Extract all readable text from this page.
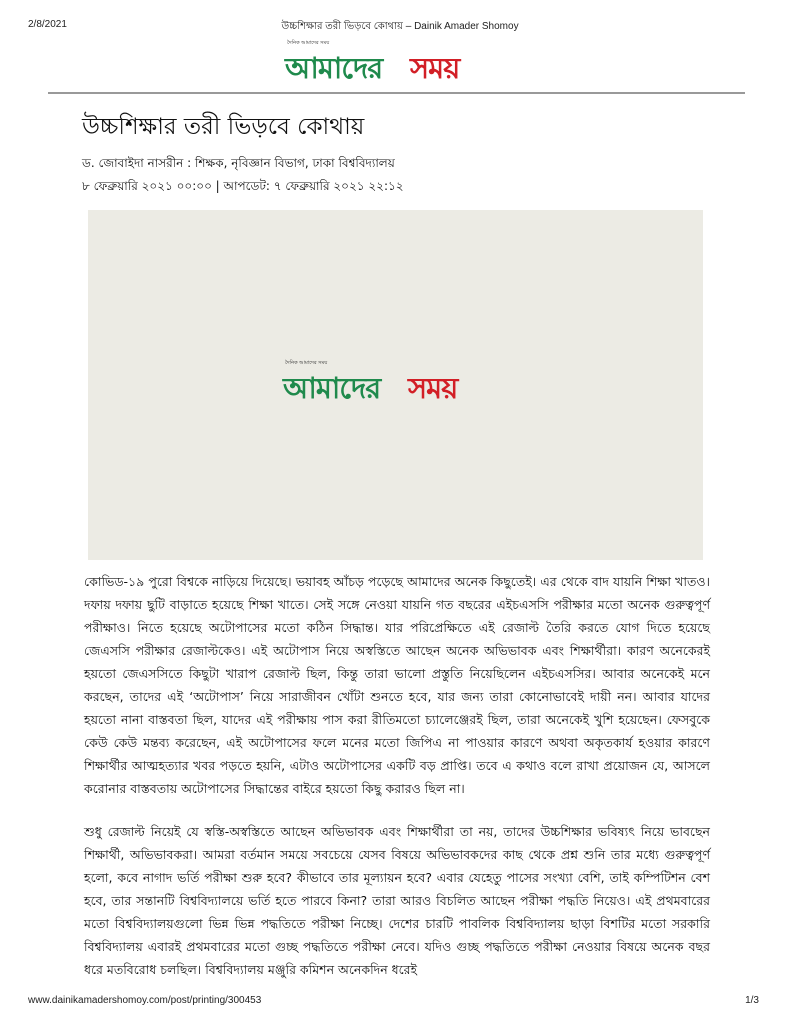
2/8/2021	উচ্চশিক্ষার তরী ভিড়বে কোথায় – Dainik Amader Shomoy
দৈনিক আমাদের সময়
আমাদের সময়
উচ্চশিক্ষার তরী ভিড়বে কোথায়
ড. জোবাইদা নাসরীন : শিক্ষক, নৃবিজ্ঞান বিভাগ, ঢাকা বিশ্ববিদ্যালয়
৮ ফেব্রুয়ারি ২০২১ ০০:০০ | আপডেট: ৭ ফেব্রুয়ারি ২০২১ ২২:১২
দৈনিক আমাদের সময়
আমাদের সময়

কোভিড-১৯ পুরো বিশ্বকে নাড়িয়ে দিয়েছে। ভয়াবহ আঁচড় পড়েছে আমাদের অনেক কিছুতেই। এর থেকে বাদ যায়নি শিক্ষা খাতও। দফায় দফায় ছুটি বাড়াতে হয়েছে শিক্ষা খাতে। সেই সঙ্গে নেওয়া যায়নি গত বছরের এইচএসসি পরীক্ষার মতো অনেক গুরুত্বপূর্ণ পরীক্ষাও। নিতে হয়েছে অটোপাসের মতো কঠিন সিদ্ধান্ত। যার পরিপ্রেক্ষিতে এই রেজাল্ট তৈরি করতে যোগ দিতে হয়েছে জেএসসি পরীক্ষার রেজাল্টকেও। এই অটোপাস নিয়ে অস্বস্তিতে আছেন অনেক অভিভাবক এবং শিক্ষার্থীরা। কারণ অনেকেরই হয়তো জেএসসিতে কিছুটা খারাপ রেজাল্ট ছিল, কিন্তু তারা ভালো প্রস্তুতি নিয়েছিলেন এইচএসসির। আবার অনেকেই মনে করছেন, তাদের এই ‘অটোপাস’ নিয়ে সারাজীবন খোঁটা শুনতে হবে, যার জন্য তারা কোনোভাবেই দায়ী নন। আবার যাদের হয়তো নানা বাস্তবতা ছিল, যাদের এই পরীক্ষায় পাস করা রীতিমতো চ্যালেঞ্জেরই ছিল, তারা অনেকেই খুশি হয়েছেন। ফেসবুকে কেউ কেউ মন্তব্য করেছেন, এই অটোপাসের ফলে মনের মতো জিপিএ না পাওয়ার কারণে অথবা অকৃতকার্য হওয়ার কারণে শিক্ষার্থীর আত্মহত্যার খবর পড়তে হয়নি, এটাও অটোপাসের একটি বড় প্রাপ্তি। তবে এ কথাও বলে রাখা প্রয়োজন যে, আসলে করোনার বাস্তবতায় অটোপাসের সিদ্ধান্তের বাইরে হয়তো কিছু করারও ছিল না।

শুধু রেজাল্ট নিয়েই যে স্বস্তি-অস্বস্তিতে আছেন অভিভাবক এবং শিক্ষার্থীরা তা নয়, তাদের উচ্চশিক্ষার ভবিষ্যৎ নিয়ে ভাবছেন শিক্ষার্থী, অভিভাবকরা। আমরা বর্তমান সময়ে সবচেয়ে যেসব বিষয়ে অভিভাবকদের কাছ থেকে প্রশ্ন শুনি তার মধ্যে গুরুত্বপূর্ণ হলো, কবে নাগাদ ভর্তি পরীক্ষা শুরু হবে? কীভাবে তার মূল্যায়ন হবে? এবার যেহেতু পাসের সংখ্যা বেশি, তাই কম্পিটিশন বেশ হবে, তার সন্তানটি বিশ্ববিদ্যালয়ে ভর্তি হতে পারবে কিনা? তারা আরও বিচলিত আছেন পরীক্ষা পদ্ধতি নিয়েও। এই প্রথমবারের মতো বিশ্ববিদ্যালয়গুলো ভিন্ন ভিন্ন পদ্ধতিতে পরীক্ষা নিচ্ছে। দেশের চারটি পাবলিক বিশ্ববিদ্যালয় ছাড়া বিশটির মতো সরকারি বিশ্ববিদ্যালয় এবারই প্রথমবারের মতো গুচ্ছ পদ্ধতিতে পরীক্ষা নেবে। যদিও গুচ্ছ পদ্ধতিতে পরীক্ষা নেওয়ার বিষয়ে অনেক বছর ধরে মতবিরোধ চলছিল। বিশ্ববিদ্যালয় মঞ্জুরি কমিশন অনেকদিন ধরেই

www.dainikamadershomoy.com/post/printing/300453	1/3
